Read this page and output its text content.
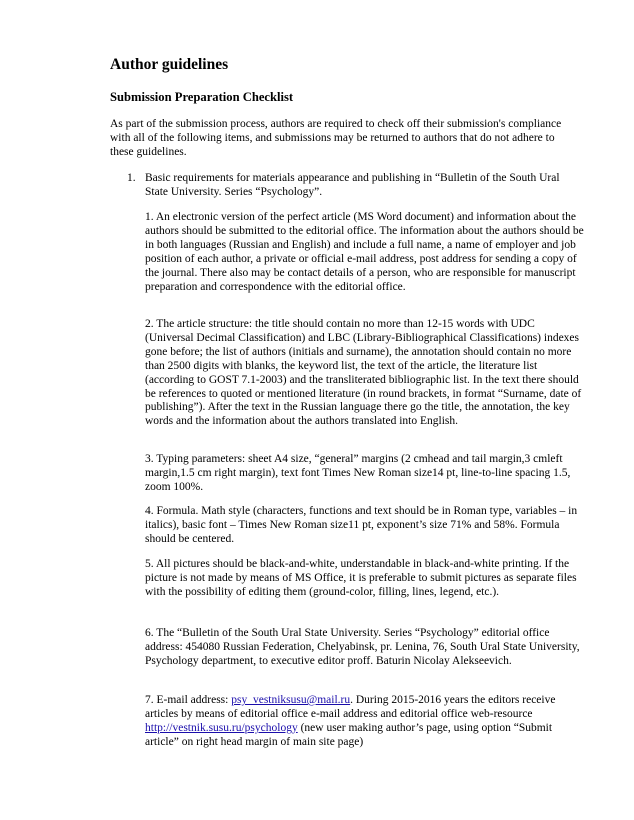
Author guidelines
Submission Preparation Checklist

As part of the submission process, authors are required to check off their submission's compliance with all of the following items, and submissions may be returned to authors that do not adhere to these guidelines.

1. Basic requirements for materials appearance and publishing in “Bulletin of the South Ural State University. Series “Psychology”.

1. An electronic version of the perfect article (MS Word document) and information about the authors should be submitted to the editorial office. The information about the authors should be in both languages (Russian and English) and include a full name, a name of employer and job position of each author, a private or official e-mail address, post address for sending a copy of the journal. There also may be contact details of a person, who are responsible for manuscript preparation and correspondence with the editorial office.

2. The article structure: the title should contain no more than 12-15 words with UDC (Universal Decimal Classification) and LBC (Library-Bibliographical Classifications) indexes gone before; the list of authors (initials and surname), the annotation should contain no more than 2500 digits with blanks, the keyword list, the text of the article, the literature list (according to GOST 7.1-2003) and the transliterated bibliographic list. In the text there should be references to quoted or mentioned literature (in round brackets, in format “Surname, date of publishing”). After the text in the Russian language there go the title, the annotation, the key words and the information about the authors translated into English.

3. Typing parameters: sheet A4 size, “general” margins (2 cmhead and tail margin,3 cmleft margin,1.5 cm right margin), text font Times New Roman size14 pt, line-to-line spacing 1.5, zoom 100%.

4. Formula. Math style (characters, functions and text should be in Roman type, variables – in italics), basic font – Times New Roman size11 pt, exponent’s size 71% and 58%. Formula should be centered.

5. All pictures should be black-and-white, understandable in black-and-white printing. If the picture is not made by means of MS Office, it is preferable to submit pictures as separate files with the possibility of editing them (ground-color, filling, lines, legend, etc.).

6. The “Bulletin of the South Ural State University. Series “Psychology” editorial office address: 454080 Russian Federation, Chelyabinsk, pr. Lenina, 76, South Ural State University, Psychology department, to executive editor proff. Baturin Nicolay Alekseevich.

7. E-mail address: psy_vestniksusu@mail.ru. During 2015-2016 years the editors receive articles by means of editorial office e-mail address and editorial office web-resource http://vestnik.susu.ru/psychology (new user making author’s page, using option “Submit article” on right head margin of main site page)
